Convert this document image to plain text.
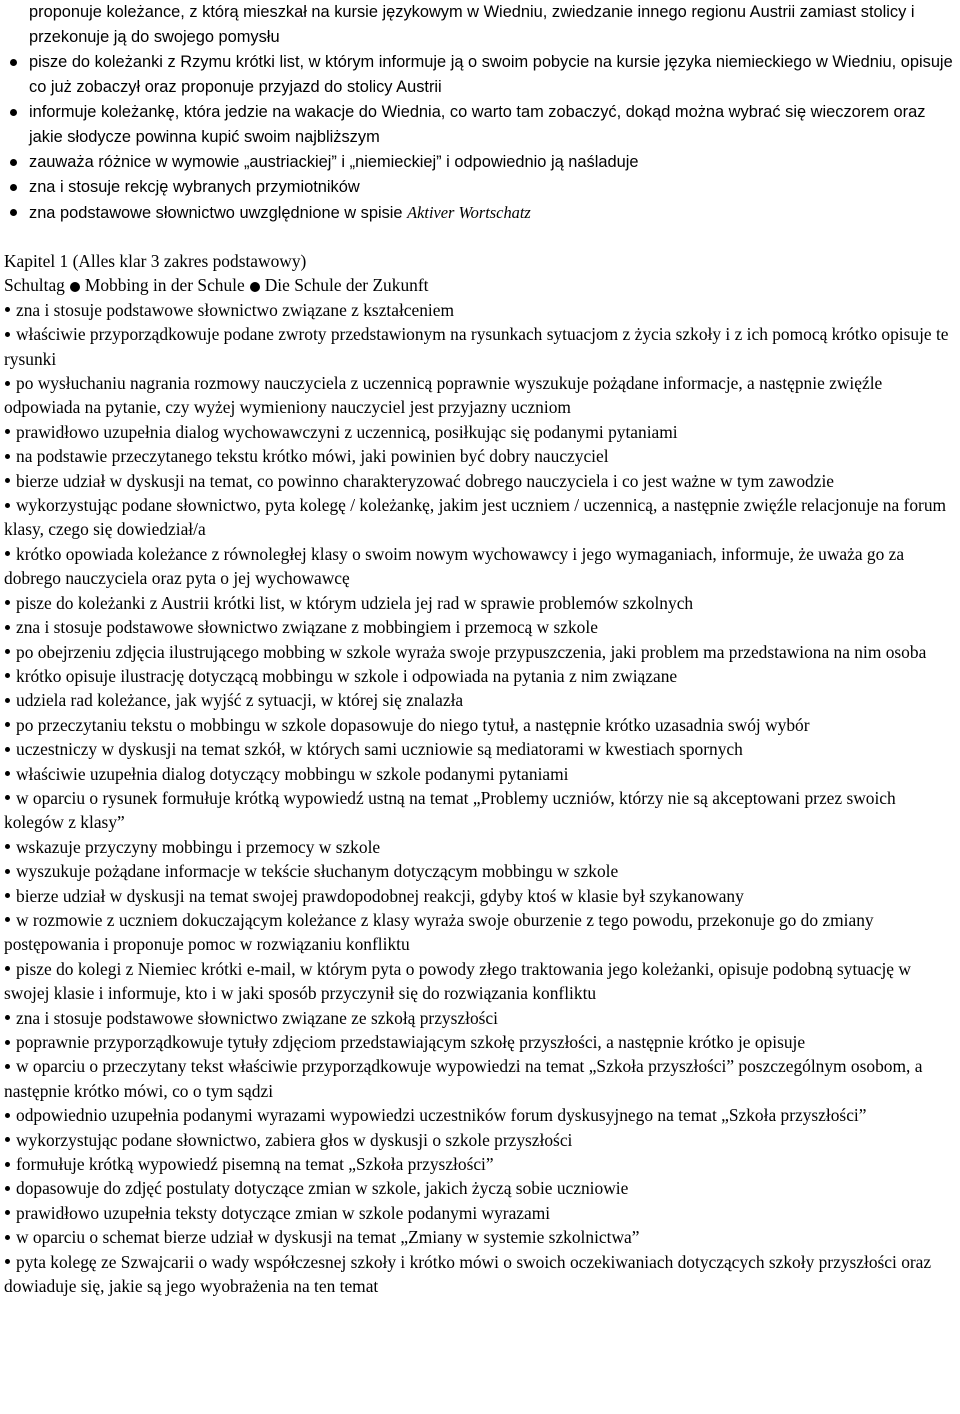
proponuje koleżance, z którą mieszkał na kursie językowym w Wiedniu, zwiedzanie innego regionu Austrii zamiast stolicy i przekonuje ją do swojego pomysłu
pisze do koleżanki z Rzymu krótki list, w którym informuje ją o swoim pobycie na kursie języka niemieckiego w Wiedniu, opisuje co już zobaczył oraz proponuje przyjazd do stolicy Austrii
informuje koleżankę, która jedzie na wakacje do Wiednia, co warto tam zobaczyć, dokąd można wybrać się wieczorem oraz jakie słodycze powinna kupić swoim najbliższym
zauważa różnice w wymowie „austriackiej” i „niemieckiej” i odpowiednio ją naśladuje
zna i stosuje rekcję wybranych przymiotników
zna podstawowe słownictwo uwzględnione w spisie Aktiver Wortschatz

Kapitel 1 (Alles klar 3 zakres podstawowy)

Schultag Mobbing in der Schule Die Schule der Zukunft

zna i stosuje podstawowe słownictwo związane z kształceniem
właściwie przyporządkowuje podane zwroty przedstawionym na rysunkach sytuacjom z życia szkoły i z ich pomocą krótko opisuje te rysunki
po wysłuchaniu nagrania rozmowy nauczyciela z uczennicą poprawnie wyszukuje pożądane informacje, a następnie zwięźle odpowiada na pytanie, czy wyżej wymieniony nauczyciel jest przyjazny uczniom
prawidłowo uzupełnia dialog wychowawczyni z uczennicą, posiłkując się podanymi pytaniami
na podstawie przeczytanego tekstu krótko mówi, jaki powinien być dobry nauczyciel
bierze udział w dyskusji na temat, co powinno charakteryzować dobrego nauczyciela i co jest ważne w tym zawodzie
wykorzystując podane słownictwo, pyta kolegę / koleżankę, jakim jest uczniem / uczennicą, a następnie zwięźle relacjonuje na forum klasy, czego się dowiedział/a
krótko opowiada koleżance z równoległej klasy o swoim nowym wychowawcy i jego wymaganiach, informuje, że uważa go za dobrego nauczyciela oraz pyta o jej wychowawcę
pisze do koleżanki z Austrii krótki list, w którym udziela jej rad w sprawie problemów szkolnych
zna i stosuje podstawowe słownictwo związane z mobbingiem i przemocą w szkole
po obejrzeniu zdjęcia ilustrującego mobbing w szkole wyraża swoje przypuszczenia, jaki problem ma przedstawiona na nim osoba
krótko opisuje ilustrację dotyczącą mobbingu w szkole i odpowiada na pytania z nim związane
udziela rad koleżance, jak wyjść z sytuacji, w której się znalazła
po przeczytaniu tekstu o mobbingu w szkole dopasowuje do niego tytuł, a następnie krótko uzasadnia swój wybór
uczestniczy w dyskusji na temat szkół, w których sami uczniowie są mediatorami w kwestiach spornych
właściwie uzupełnia dialog dotyczący mobbingu w szkole podanymi pytaniami
w oparciu o rysunek formułuje krótką wypowiedź ustną na temat „Problemy uczniów, którzy nie są akceptowani przez swoich kolegów z klasy”
wskazuje przyczyny mobbingu i przemocy w szkole
wyszukuje pożądane informacje w tekście słuchanym dotyczącym mobbingu w szkole
bierze udział w dyskusji na temat swojej prawdopodobnej reakcji, gdyby ktoś w klasie był szykanowany
w rozmowie z uczniem dokuczającym koleżance z klasy wyraża swoje oburzenie z tego powodu, przekonuje go do zmiany postępowania i proponuje pomoc w rozwiązaniu konfliktu
pisze do kolegi z Niemiec krótki e-mail, w którym pyta o powody złego traktowania jego koleżanki, opisuje podobną sytuację w swojej klasie i informuje, kto i w jaki sposób przyczynił się do rozwiązania konfliktu
zna i stosuje podstawowe słownictwo związane ze szkołą przyszłości
poprawnie przyporządkowuje tytuły zdjęciom przedstawiającym szkołę przyszłości, a następnie krótko je opisuje
w oparciu o przeczytany tekst właściwie przyporządkowuje wypowiedzi na temat „Szkoła przyszłości” poszczególnym osobom, a następnie krótko mówi, co o tym sądzi
odpowiednio uzupełnia podanymi wyrazami wypowiedzi uczestników forum dyskusyjnego na temat „Szkoła przyszłości”
wykorzystując podane słownictwo, zabiera głos w dyskusji o szkole przyszłości
formułuje krótką wypowiedź pisemną na temat „Szkoła przyszłości”
dopasowuje do zdjęć postulaty dotyczące zmian w szkole, jakich życzą sobie uczniowie
prawidłowo uzupełnia teksty dotyczące zmian w szkole podanymi wyrazami
w oparciu o schemat bierze udział w dyskusji na temat „Zmiany w systemie szkolnictwa”
pyta kolegę ze Szwajcarii o wady współczesnej szkoły i krótko mówi o swoich oczekiwaniach dotyczących szkoły przyszłości oraz dowiaduje się, jakie są jego wyobrażenia na ten temat
